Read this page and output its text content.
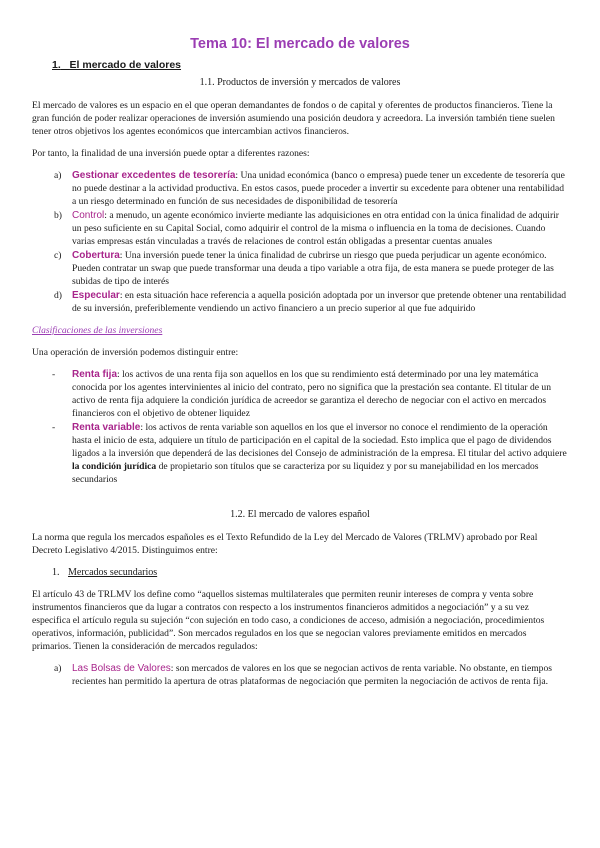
Tema 10: El mercado de valores
1. El mercado de valores
1.1. Productos de inversión y mercados de valores

El mercado de valores es un espacio en el que operan demandantes de fondos o de capital y oferentes de productos financieros. Tiene la gran función de poder realizar operaciones de inversión asumiendo una posición deudora y acreedora. La inversión también tiene suelen tener otros objetivos los agentes económicos que intercambian activos financieros.

Por tanto, la finalidad de una inversión puede optar a diferentes razones:

a) Gestionar excedentes de tesorería: Una unidad económica (banco o empresa) puede tener un excedente de tesorería que no puede destinar a la actividad productiva. En estos casos, puede proceder a invertir su excedente para obtener una rentabilidad a un riesgo determinado en función de sus necesidades de disponibilidad de tesorería
b) Control: a menudo, un agente económico invierte mediante las adquisiciones en otra entidad con la única finalidad de adquirir un peso suficiente en su Capital Social, como adquirir el control de la misma o influencia en la toma de decisiones. Cuando varias empresas están vinculadas a través de relaciones de control están obligadas a presentar cuentas anuales
c) Cobertura: Una inversión puede tener la única finalidad de cubrirse un riesgo que pueda perjudicar un agente económico. Pueden contratar un swap que puede transformar una deuda a tipo variable a otra fija, de esta manera se puede proteger de las subidas de tipo de interés
d) Especular: en esta situación hace referencia a aquella posición adoptada por un inversor que pretende obtener una rentabilidad de su inversión, preferiblemente vendiendo un activo financiero a un precio superior al que fue adquirido
Clasificaciones de las inversiones

Una operación de inversión podemos distinguir entre:

- Renta fija: los activos de una renta fija son aquellos en los que su rendimiento está determinado por una ley matemática conocida por los agentes intervinientes al inicio del contrato, pero no significa que la prestación sea contante. El titular de un activo de renta fija adquiere la condición jurídica de acreedor se garantiza el derecho de negociar con el activo en mercados financieros con el objetivo de obtener liquidez
- Renta variable: los activos de renta variable son aquellos en los que el inversor no conoce el rendimiento de la operación hasta el inicio de esta, adquiere un título de participación en el capital de la sociedad. Esto implica que el pago de dividendos ligados a la inversión que dependerá de las decisiones del Consejo de administración de la empresa. El titular del activo adquiere la condición jurídica de propietario son títulos que se caracteriza por su liquidez y por su manejabilidad en los mercados secundarios
1.2. El mercado de valores español

La norma que regula los mercados españoles es el Texto Refundido de la Ley del Mercado de Valores (TRLMV) aprobado por Real Decreto Legislativo 4/2015. Distinguimos entre:

1. Mercados secundarios

El artículo 43 de TRLMV los define como “aquellos sistemas multilaterales que permiten reunir intereses de compra y venta sobre instrumentos financieros que da lugar a contratos con respecto a los instrumentos financieros admitidos a negociación” y a su vez especifica el artículo regula su sujeción “con sujeción en todo caso, a condiciones de acceso, admisión a negociación, procedimientos operativos, información, publicidad”. Son mercados regulados en los que se negocian valores previamente emitidos en mercados primarios. Tienen la consideración de mercados regulados:

a) Las Bolsas de Valores: son mercados de valores en los que se negocian activos de renta variable. No obstante, en tiempos recientes han permitido la apertura de otras plataformas de negociación que permiten la negociación de activos de renta fija.
